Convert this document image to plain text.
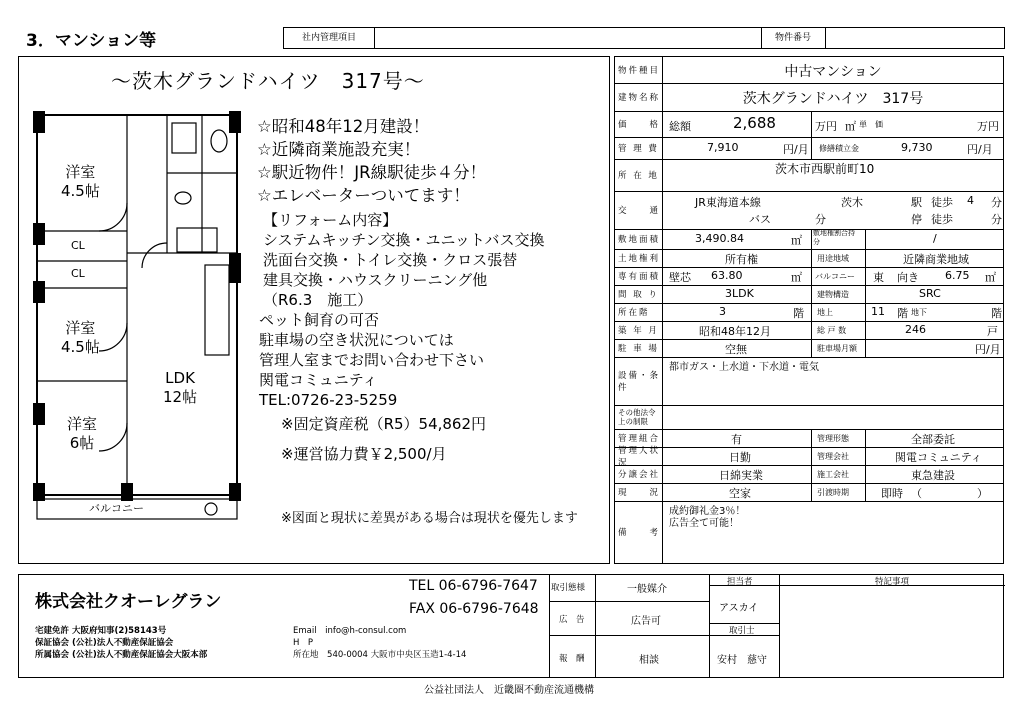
3．マンション等	社内管理項目	物件番号
～茨木グランドハイツ　317号～
洋室
4.5帖
CL
CL
洋室
4.5帖
洋室
6帖
LDK
12帖
バルコニー
☆昭和48年12月建設！
☆近隣商業施設充実！
☆駅近物件！JR線駅徒歩４分！
☆エレベーターついてます！
【リフォーム内容】
システムキッチン交換・ユニットバス交換
洗面台交換・トイレ交換・クロス張替
建具交換・ハウスクリーニング他
（R6.3　施工）
ペット飼育の可否
駐車場の空き状況については
管理人室までお問い合わせ下さい
関電コミュニティ
TEL:0726-23-5259
※固定資産税（R5）54,862円
※運営協力費￥2,500/月
※図面と現状に差異がある場合は現状を優先します
物件種目	中古マンション
建物名称	茨木グランドハイツ　317号
価　　格 総額	2,688	万円 ㎡ 単　価	万円
管 理 費	7,910	円/月 修繕積立金	9,730	円/月
所 在 地	茨木市西駅前町10
交　　通
JR東海道本線	茨木	駅 徒歩 4 分
バス	分	停 徒歩	分
敷地面積	3,490.84	㎡
敷地権割合持分	/
土地権利	所有権	用途地域	近隣商業地域
専有面積 壁芯 63.80	㎡ バルコニー 東 向き 6.75 ㎡
間 取 り	3LDK	建物構造	SRC
所在階	3	階 地上	11 階 地下	階
築 年 月	昭和48年12月	総 戸 数	246	戸
駐 車 場	空無	駐車場月額	円/月
設備・条件
都市ガス・上水道・下水道・電気
その他法令上の制限
管理組合	有	管理形態	全部委託
管理人状況	日勤	管理会社	関電コミュニティ
分譲会社	日綿実業	施工会社	東急建設
現　　況	空家	引渡時期	即時 （　　　　　）
備　　考
成約御礼金3％！
広告全て可能！
株式会社クオーレグラン
TEL 06-6796-7647
FAX 06-6796-7648
宅建免許 大阪府知事(2)58143号
保証協会 (公社)法人不動産保証協会
所属協会 (公社)法人不動産保証協会大阪本部
Email　 info@h-consul.com
H　P　
所在地　 540-0004 大阪市中央区玉造1-4-14
取引態様	一般媒介
広　告	広告可
報　酬	相談
担当者
アスカイ
取引士
安村　慈守
特記事項
公益社団法人　近畿圏不動産流通機構
